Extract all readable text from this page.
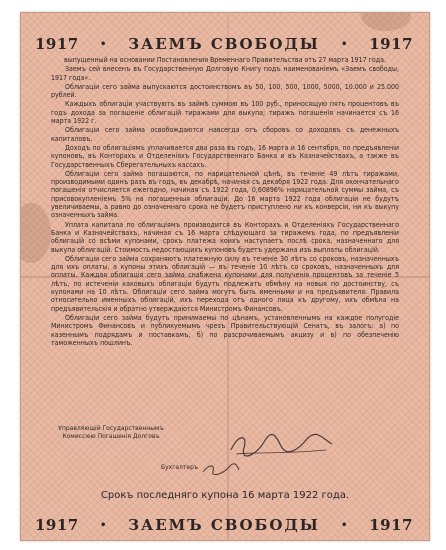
1917 • ЗАЕМЪ СВОБОДЫ • 1917

выпущенный на основании Постановления Временнаго Правительства отъ 27 марта 1917 года.

Заемъ сей внесенъ въ Государственную Долговую Книгу подъ наименованіемъ «Заемъ свободы, 1917 года».

Облигаціи сего займа выпускаются достоинствомъ въ 50, 100, 500, 1000, 5000, 10.000 и 25.000 рублей.

Каждыхъ облигаціи участвуютъ въ займѣ суммою въ 100 руб., приносящую пять процентовъ въ годъ дохода за погашеніе облигацій тиражами для выкупа; тиражъ погашенія начинается съ 16 марта 1922 г.

Облигаціи сего займа освобождаются навсегда отъ сборовъ со доходовъ съ денежныхъ капиталовъ.

Доходъ по облигаціямъ уплачивается два раза въ годъ, 16 марта и 16 сентября, по предъявленіи купоновъ, въ Конторахъ и Отделеніяхъ Государственнаго Банка и въ Казначействахъ, а также въ Государственныхъ Сберегательныхъ кассахъ.

Облигаціи сего займа погашаются, по нарицательной цѣнѣ, въ теченіе 49 лѣтъ тиражами, производимыми одинъ разъ въ годъ, въ декабрѣ, начиная съ декабря 1922 года. Для окончательнаго погашенія отчисляется ежегодно, начиная съ 1922 года, 0,60896% нарицательной суммы займа, съ присовокупленіемъ 5% на погашенныя облигаціи. До 16 марта 1922 года облигаціи не будутъ увеличиваемы, а равно до означеннаго срока не будетъ приступлено ни къ конверсіи, ни къ выкупу означенныхъ займа.

Уплата капитала по облигаціямъ производится въ Конторахъ и Отделеніяхъ Государственнаго Банка и Казначействахъ, начиная съ 16 марта слѣдующаго за тиражемъ года, по предъявленіи облигацій со всѣми купонами, срокъ платежа коихъ наступаетъ послѣ срока, назначеннаго для выкупа облигацій. Стоимость недостающихъ купоновъ будетъ удержана изъ выплаты облигацій.

Облигаціи сего займа сохраняютъ платежную силу въ теченіе 30 лѣтъ со сроковъ, назначенныхъ для ихъ оплаты, а купоны этихъ облигацій — въ теченіе 10 лѣтъ со сроковъ, назначенныхъ для оплаты. Каждая облигація сего займа снабжена купонами для полученія процентовъ за теченіе 5 лѣтъ, по истеченіи каковыхъ облигаціи будутъ подлежатъ обмѣну на новыя по достоинству, съ купонами на 10 лѣтъ. Облигаціи сего займа могутъ быть именными и на предъявителя. Правила относительно именныхъ облигацій, ихъ перехода отъ одного лица къ другому, ихъ обмѣна на предъявительскія и обратно утверждаются Министромъ Финансовъ.

Облигаціи сего займа будутъ принимаемы по цѣнамъ, установленнымъ на каждое полугодіе Министромъ Финансовъ и публикуемымъ чрезъ Правительствующій Сенатъ, въ залогъ: а) по казеннымъ подрядамъ и поставкамъ, б) по разсрочиваемымъ акцизу и в) по обезпеченію таможенныхъ пошлинъ.

Управляющій Государственнымъ Комиссіею Погашенія Долговъ
Бухгалтеръ
Срокъ последняго купона 16 марта 1922 года.
1917 • ЗАЕМЪ СВОБОДЫ • 1917
